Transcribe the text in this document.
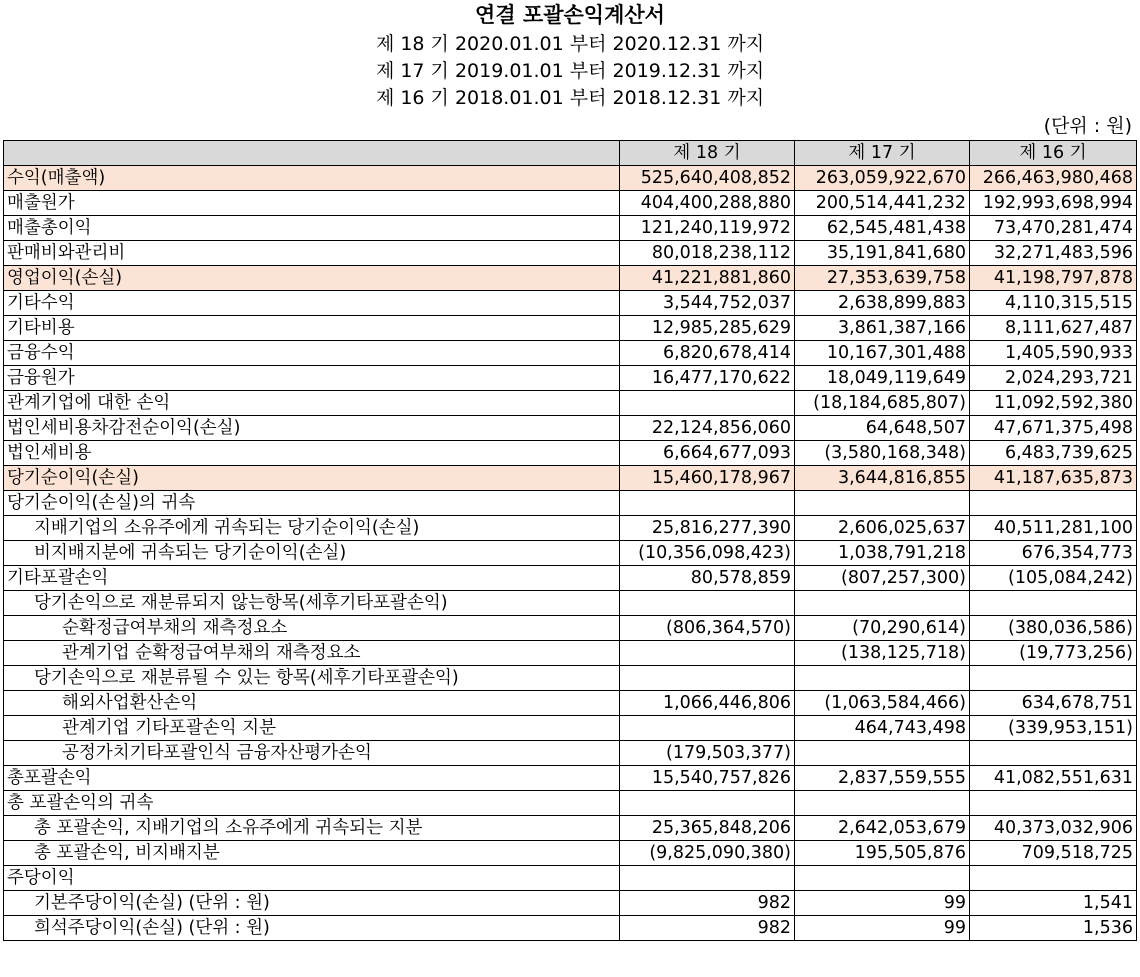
연결 포괄손익계산서
제 18 기 2020.01.01 부터 2020.12.31 까지
제 17 기 2019.01.01 부터 2019.12.31 까지
제 16 기 2018.01.01 부터 2018.12.31 까지
(단위 : 원)
	제 18 기	제 17 기	제 16 기
수익(매출액)	525,640,408,852	263,059,922,670	266,463,980,468
매출원가	404,400,288,880	200,514,441,232	192,993,698,994
매출총이익	121,240,119,972	62,545,481,438	73,470,281,474
판매비와관리비	80,018,238,112	35,191,841,680	32,271,483,596
영업이익(손실)	41,221,881,860	27,353,639,758	41,198,797,878
기타수익	3,544,752,037	2,638,899,883	4,110,315,515
기타비용	12,985,285,629	3,861,387,166	8,111,627,487
금융수익	6,820,678,414	10,167,301,488	1,405,590,933
금융원가	16,477,170,622	18,049,119,649	2,024,293,721
관계기업에 대한 손익		(18,184,685,807)	11,092,592,380
법인세비용차감전순이익(손실)	22,124,856,060	64,648,507	47,671,375,498
법인세비용	6,664,677,093	(3,580,168,348)	6,483,739,625
당기순이익(손실)	15,460,178,967	3,644,816,855	41,187,635,873
당기순이익(손실)의 귀속			
지배기업의 소유주에게 귀속되는 당기순이익(손실)	25,816,277,390	2,606,025,637	40,511,281,100
비지배지분에 귀속되는 당기순이익(손실)	(10,356,098,423)	1,038,791,218	676,354,773
기타포괄손익	80,578,859	(807,257,300)	(105,084,242)
당기손익으로 재분류되지 않는항목(세후기타포괄손익)			
순확정급여부채의 재측정요소	(806,364,570)	(70,290,614)	(380,036,586)
관계기업 순확정급여부채의 재측정요소		(138,125,718)	(19,773,256)
당기손익으로 재분류될 수 있는 항목(세후기타포괄손익)			
해외사업환산손익	1,066,446,806	(1,063,584,466)	634,678,751
관계기업 기타포괄손익 지분		464,743,498	(339,953,151)
공정가치기타포괄인식 금융자산평가손익	(179,503,377)		
총포괄손익	15,540,757,826	2,837,559,555	41,082,551,631
총 포괄손익의 귀속			
총 포괄손익, 지배기업의 소유주에게 귀속되는 지분	25,365,848,206	2,642,053,679	40,373,032,906
총 포괄손익, 비지배지분	(9,825,090,380)	195,505,876	709,518,725
주당이익			
기본주당이익(손실) (단위 : 원)	982	99	1,541
희석주당이익(손실) (단위 : 원)	982	99	1,536
